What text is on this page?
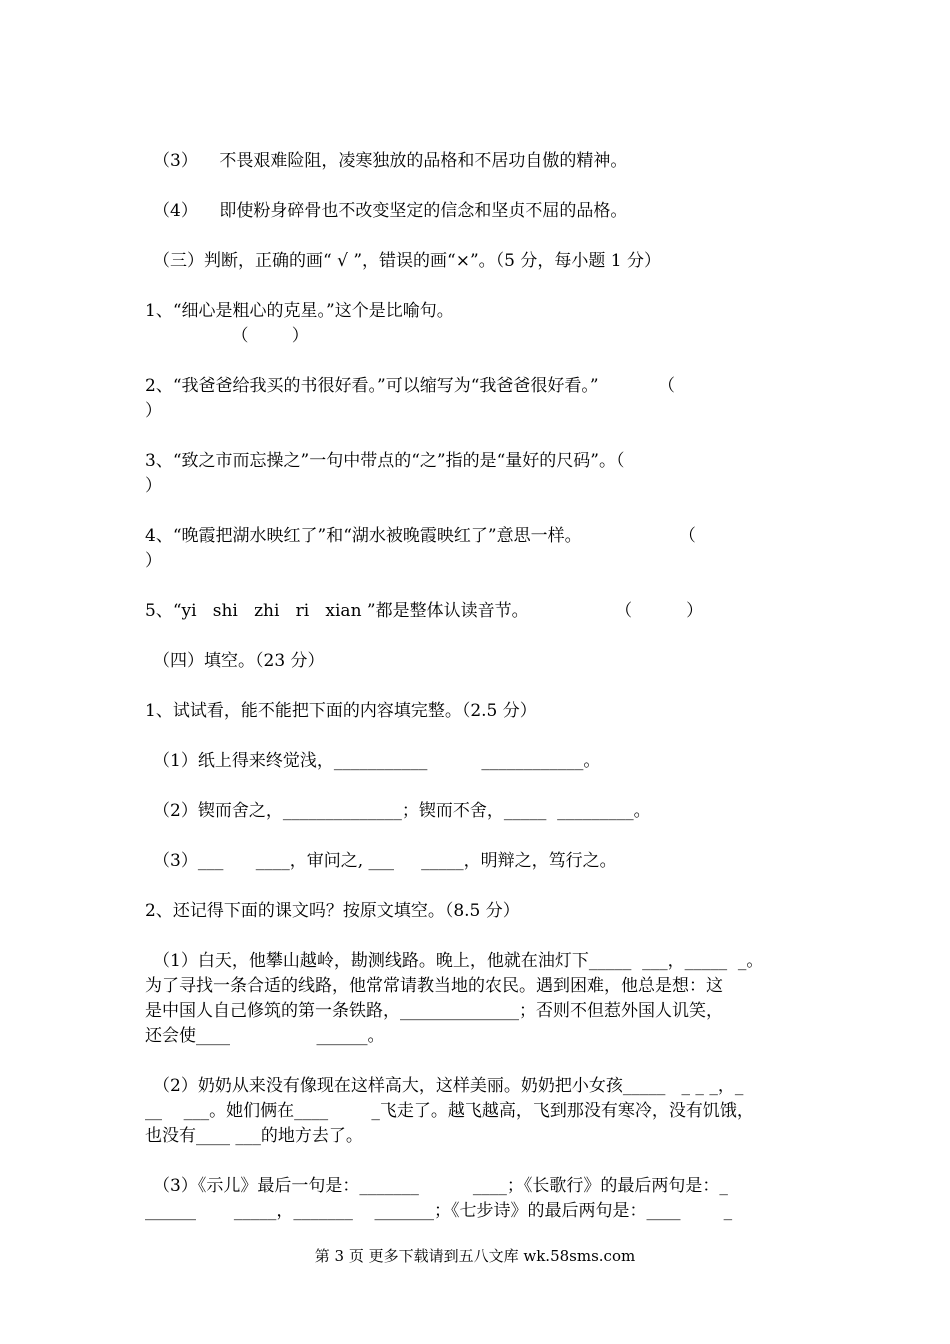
（3）    不畏艰难险阻，凌寒独放的品格和不居功自傲的精神。
（4）    即使粉身碎骨也不改变坚定的信念和坚贞不屈的品格。
（三）判断，正确的画“ √ ”，错误的画“×”。（5 分，每小题 1 分）
1、“细心是粗心的克星。”这个是比喻句。
（        ）
2、“我爸爸给我买的书很好看。”可以缩写为“我爸爸很好看。”           （
）
3、“致之市而忘操之”一句中带点的“之”指的是“量好的尺码”。（
）
4、“晚霞把湖水映红了”和“湖水被晚霞映红了”意思一样。                  （
）
5、“yi   shi   zhi   ri   xian ”都是整体认读音节。                （          ）
（四）填空。（23 分）
1、试试看，能不能把下面的内容填完整。（2.5 分）
（1）纸上得来终觉浅，___________          ____________。
（2）锲而舍之，______________；锲而不舍，_____  _________。
（3）___      ____，审问之, ___     _____，明辩之，笃行之。
2、还记得下面的课文吗？按原文填空。（8.5 分）
（1）白天，他攀山越岭，勘测线路。晚上，他就在油灯下_____  ___，_____  _。
为了寻找一条合适的线路，他常常请教当地的农民。遇到困难，他总是想：这
是中国人自己修筑的第一条铁路，______________；否则不但惹外国人讥笑，
还会使____                ______。
（2）奶奶从来没有像现在这样高大，这样美丽。奶奶把小女孩_____   _ _ _，_
__    ___。她们俩在____        _飞走了。越飞越高，飞到那没有寒冷，没有饥饿，
也没有____ ___的地方去了。
（3）《示儿》最后一句是：_______          ____；《长歌行》的最后两句是：_
______       _____，_______    _______；《七步诗》的最后两句是：____        _
第 3 页 更多下载请到五八文库 wk.58sms.com
